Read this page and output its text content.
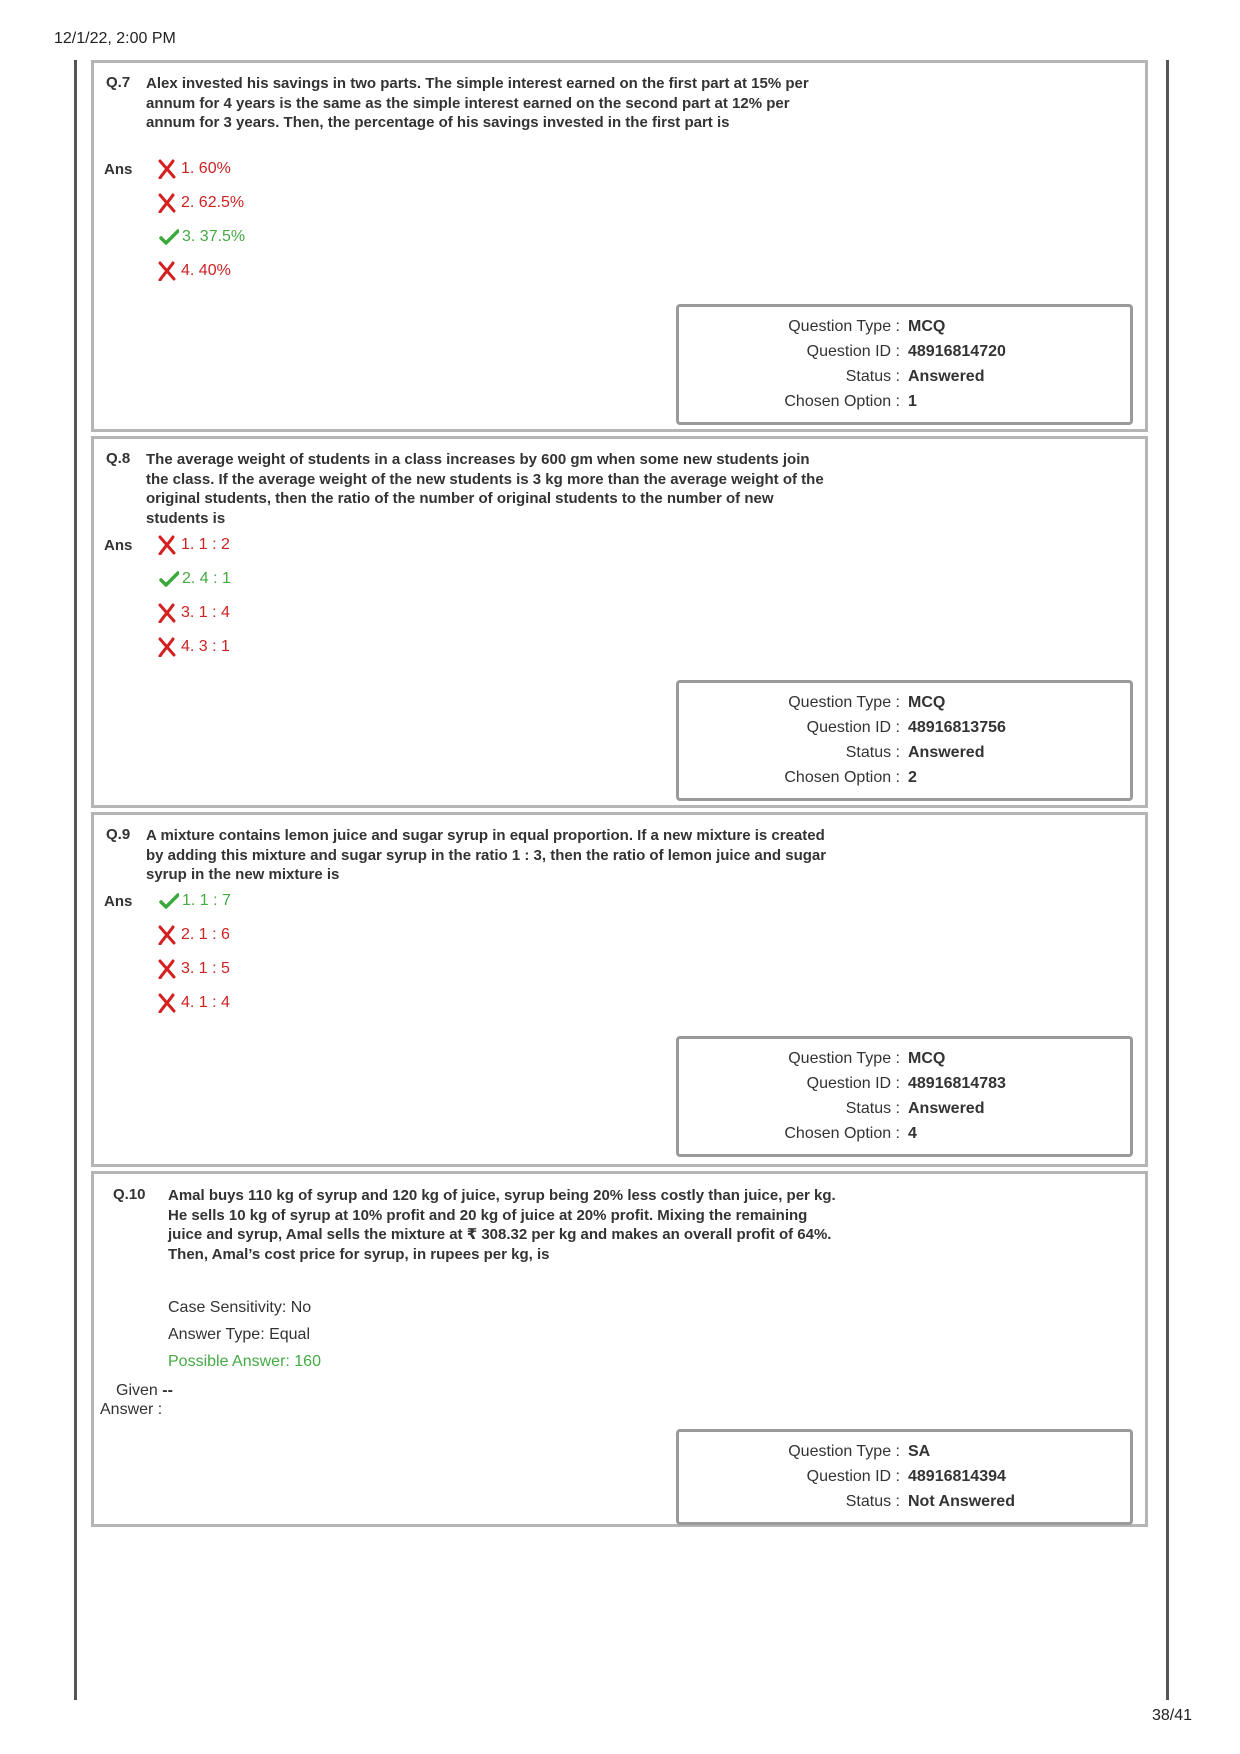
12/1/22, 2:00 PM
Q.7 Alex invested his savings in two parts. The simple interest earned on the first part at 15% per annum for 4 years is the same as the simple interest earned on the second part at 12% per annum for 3 years. Then, the percentage of his savings invested in the first part is
Ans	1. 60%
2. 62.5%
3. 37.5%
4. 40%
Question Type : MCQ
Question ID : 48916814720
Status : Answered
Chosen Option : 1
Q.8 The average weight of students in a class increases by 600 gm when some new students join the class. If the average weight of the new students is 3 kg more than the average weight of the original students, then the ratio of the number of original students to the number of new students is
Ans	1. 1 : 2
2. 4 : 1
3. 1 : 4
4. 3 : 1
Question Type : MCQ
Question ID : 48916813756
Status : Answered
Chosen Option : 2
Q.9 A mixture contains lemon juice and sugar syrup in equal proportion. If a new mixture is created by adding this mixture and sugar syrup in the ratio 1 : 3, then the ratio of lemon juice and sugar syrup in the new mixture is
Ans	1. 1 : 7
2. 1 : 6
3. 1 : 5
4. 1 : 4
Question Type : MCQ
Question ID : 48916814783
Status : Answered
Chosen Option : 4
Q.10 Amal buys 110 kg of syrup and 120 kg of juice, syrup being 20% less costly than juice, per kg. He sells 10 kg of syrup at 10% profit and 20 kg of juice at 20% profit. Mixing the remaining juice and syrup, Amal sells the mixture at ₹ 308.32 per kg and makes an overall profit of 64%. Then, Amal’s cost price for syrup, in rupees per kg, is
Case Sensitivity: No
Answer Type: Equal
Possible Answer: 160
Given --
Answer :
Question Type : SA
Question ID : 48916814394
Status : Not Answered
38/41
